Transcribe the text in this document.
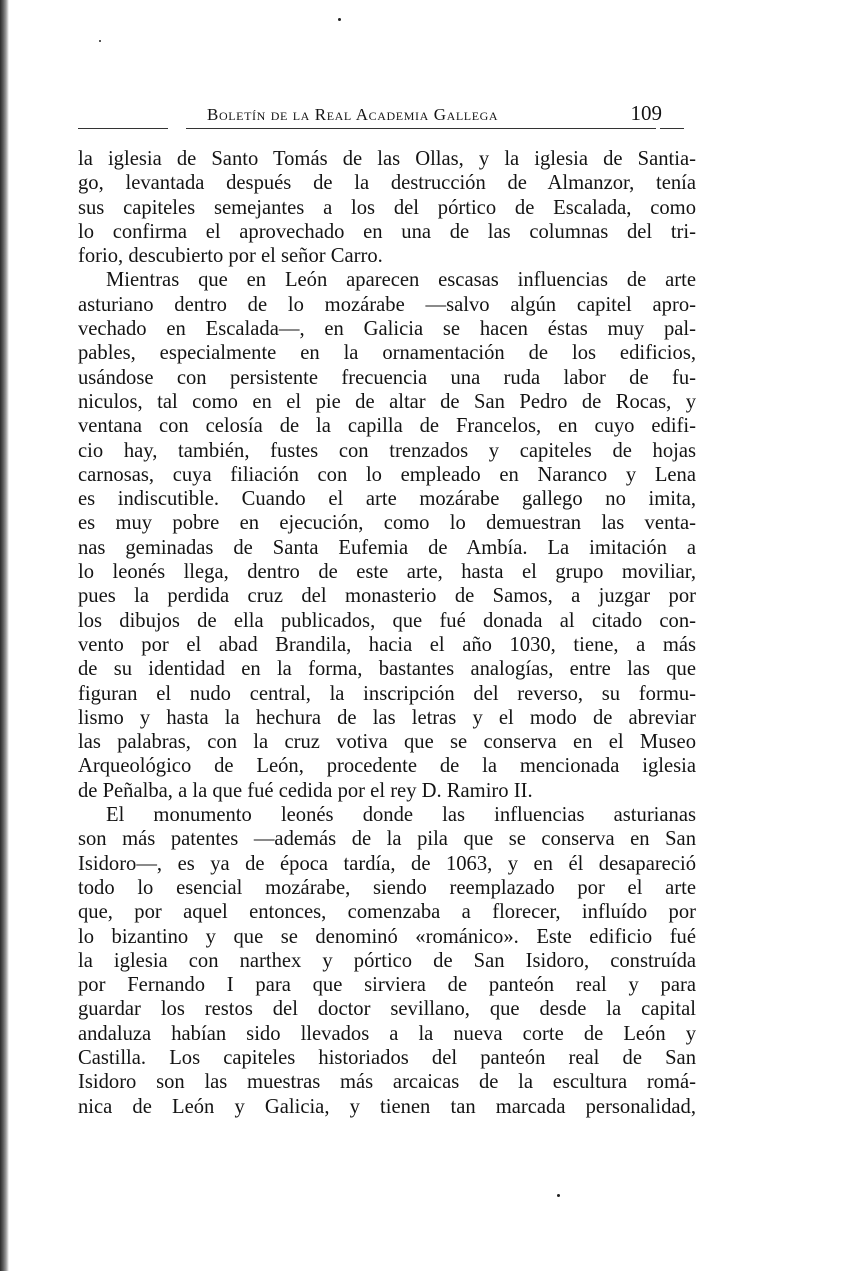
Boletín de la Real Academia Gallega	109
la iglesia de Santo Tomás de las Ollas, y la iglesia de Santia-
go, levantada después de la destrucción de Almanzor, tenía
sus capiteles semejantes a los del pórtico de Escalada, como
lo confirma el aprovechado en una de las columnas del tri-
forio, descubierto por el señor Carro.
Mientras que en León aparecen escasas influencias de arte
asturiano dentro de lo mozárabe —salvo algún capitel apro-
vechado en Escalada—, en Galicia se hacen éstas muy pal-
pables, especialmente en la ornamentación de los edificios,
usándose con persistente frecuencia una ruda labor de fu-
niculos, tal como en el pie de altar de San Pedro de Rocas, y
ventana con celosía de la capilla de Francelos, en cuyo edifi-
cio hay, también, fustes con trenzados y capiteles de hojas
carnosas, cuya filiación con lo empleado en Naranco y Lena
es indiscutible. Cuando el arte mozárabe gallego no imita,
es muy pobre en ejecución, como lo demuestran las venta-
nas geminadas de Santa Eufemia de Ambía. La imitación a
lo leonés llega, dentro de este arte, hasta el grupo moviliar,
pues la perdida cruz del monasterio de Samos, a juzgar por
los dibujos de ella publicados, que fué donada al citado con-
vento por el abad Brandila, hacia el año 1030, tiene, a más
de su identidad en la forma, bastantes analogías, entre las que
figuran el nudo central, la inscripción del reverso, su formu-
lismo y hasta la hechura de las letras y el modo de abreviar
las palabras, con la cruz votiva que se conserva en el Museo
Arqueológico de León, procedente de la mencionada iglesia
de Peñalba, a la que fué cedida por el rey D. Ramiro II.
El monumento leonés donde las influencias asturianas
son más patentes —además de la pila que se conserva en San
Isidoro—, es ya de época tardía, de 1063, y en él desapareció
todo lo esencial mozárabe, siendo reemplazado por el arte
que, por aquel entonces, comenzaba a florecer, influído por
lo bizantino y que se denominó «románico». Este edificio fué
la iglesia con narthex y pórtico de San Isidoro, construída
por Fernando I para que sirviera de panteón real y para
guardar los restos del doctor sevillano, que desde la capital
andaluza habían sido llevados a la nueva corte de León y
Castilla. Los capiteles historiados del panteón real de San
Isidoro son las muestras más arcaicas de la escultura romá-
nica de León y Galicia, y tienen tan marcada personalidad,
